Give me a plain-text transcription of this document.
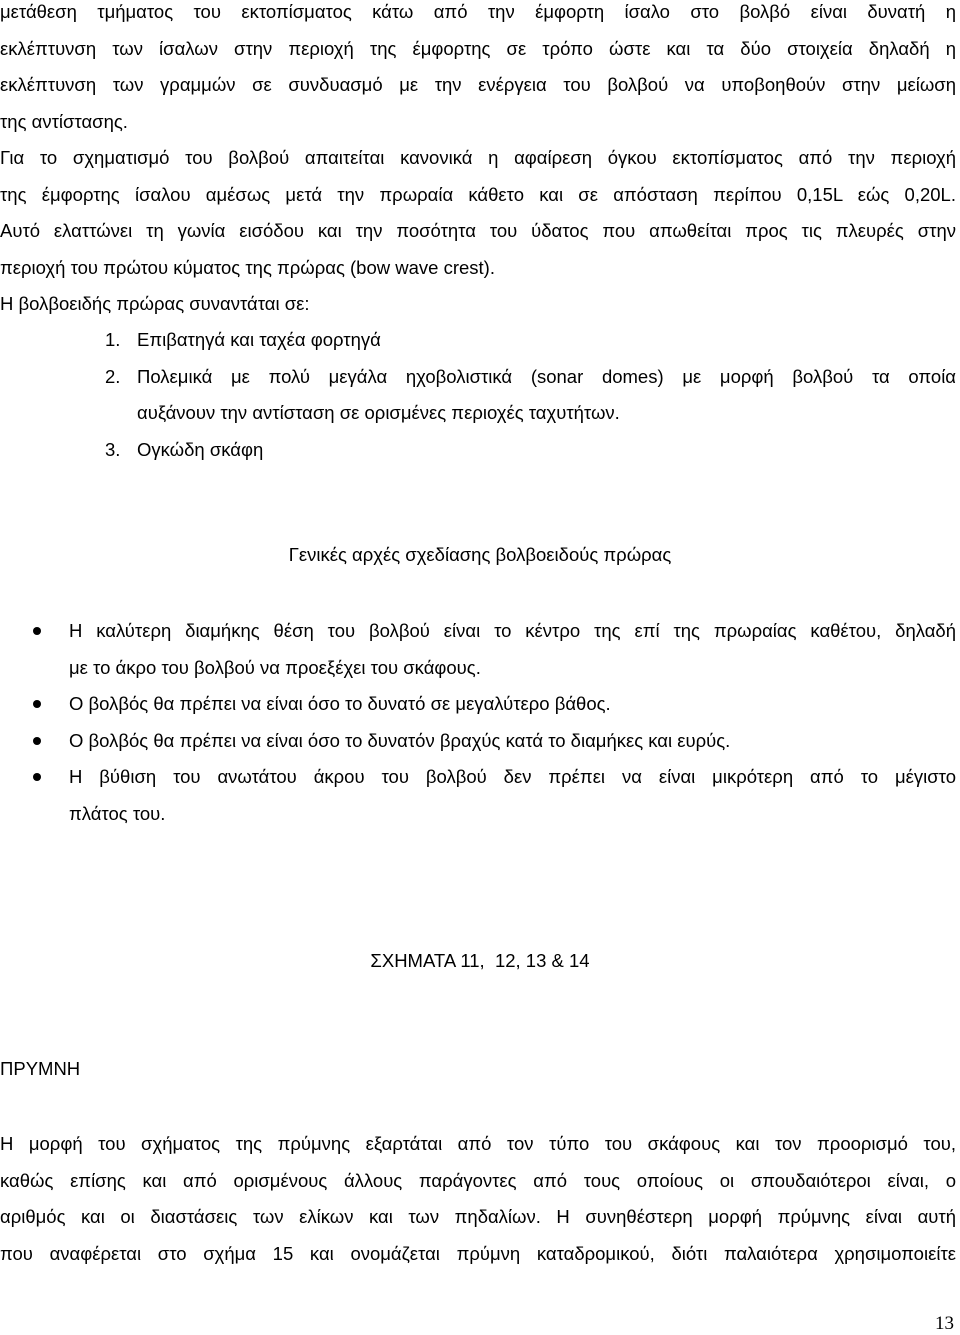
μετάθεση τμήματος του εκτοπίσματος κάτω από την έμφορτη ίσαλο στο βολβό είναι δυνατή η
εκλέπτυνση των ίσαλων στην περιοχή της έμφορτης σε τρόπο ώστε και τα δύο στοιχεία δηλαδή η
εκλέπτυνση των γραμμών σε συνδυασμό με την ενέργεια του βολβού να υποβοηθούν στην μείωση
της αντίστασης.
Για το σχηματισμό του βολβού απαιτείται κανονικά η αφαίρεση όγκου εκτοπίσματος από την περιοχή
της έμφορτης ίσαλου αμέσως μετά την πρωραία κάθετο και σε απόσταση περίπου 0,15L εώς 0,20L.
Αυτό ελαττώνει τη γωνία εισόδου και την ποσότητα του ύδατος που απωθείται προς τις πλευρές στην
περιοχή του πρώτου κύματος της πρώρας (bow wave crest).
Η βολβοειδής πρώρας συναντάται σε:
1. Επιβατηγά και ταχέα φορτηγά
2. Πολεμικά με πολύ μεγάλα ηχοβολιστικά (sonar domes) με μορφή βολβού τα οποία
αυξάνουν την αντίσταση σε ορισμένες περιοχές ταχυτήτων.
3. Ογκώδη σκάφη

Γενικές αρχές σχεδίασης βολβοειδούς πρώρας

Η καλύτερη διαμήκης θέση του βολβού είναι το κέντρο της επί της πρωραίας καθέτου, δηλαδή
με το άκρο του βολβού να προεξέχει του σκάφους.
Ο βολβός θα πρέπει να είναι όσο το δυνατό σε μεγαλύτερο βάθος.
Ο βολβός θα πρέπει να είναι όσο το δυνατόν βραχύς κατά το διαμήκες και ευρύς.
Η βύθιση του ανωτάτου άκρου του βολβού δεν πρέπει να είναι μικρότερη από το μέγιστο
πλάτος του.

ΣΧΗΜΑΤΑ 11,  12, 13 & 14

ΠΡΥΜΝΗ

Η μορφή του σχήματος της πρύμνης εξαρτάται από τον τύπο του σκάφους και τον προορισμό του,
καθώς επίσης και από ορισμένους άλλους παράγοντες από τους οποίους οι σπουδαιότεροι είναι, ο
αριθμός και οι διαστάσεις των ελίκων και των πηδαλίων. Η συνηθέστερη μορφή πρύμνης είναι αυτή
που αναφέρεται στο σχήμα 15 και ονομάζεται πρύμνη καταδρομικού, διότι παλαιότερα χρησιμοποιείτε
13
